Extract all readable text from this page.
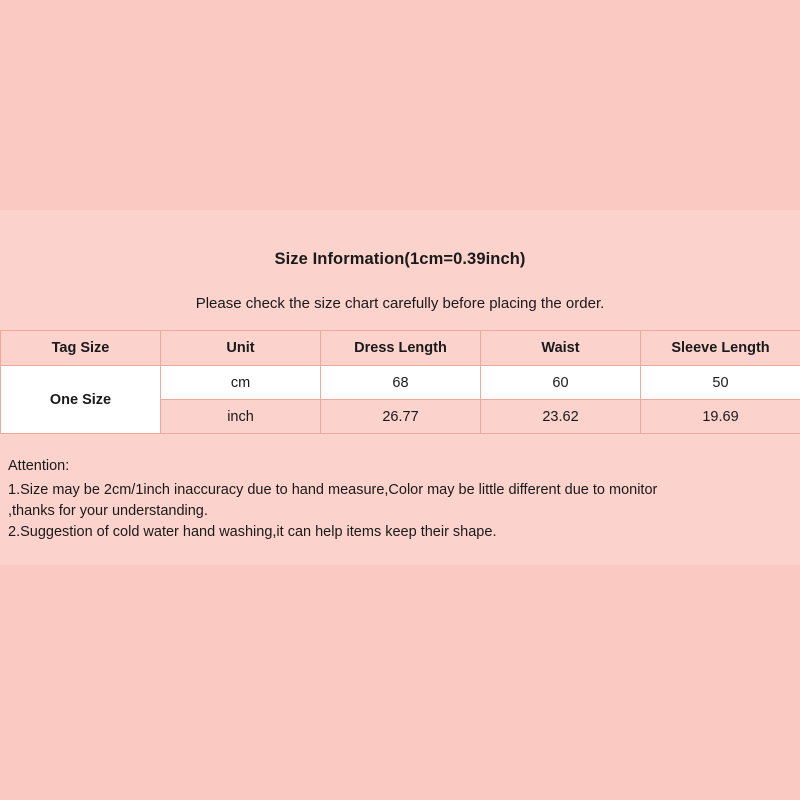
Size Information(1cm=0.39inch)
Please check the size chart carefully before placing the order.
Tag Size	Unit	Dress Length	Waist	Sleeve Length
One Size	cm	68	60	50
	inch	26.77	23.62	19.69
Attention:
1.Size may be 2cm/1inch inaccuracy due to hand measure,Color may be little different due to monitor
,thanks for your understanding.
2.Suggestion of cold water hand washing,it can help items keep their shape.
